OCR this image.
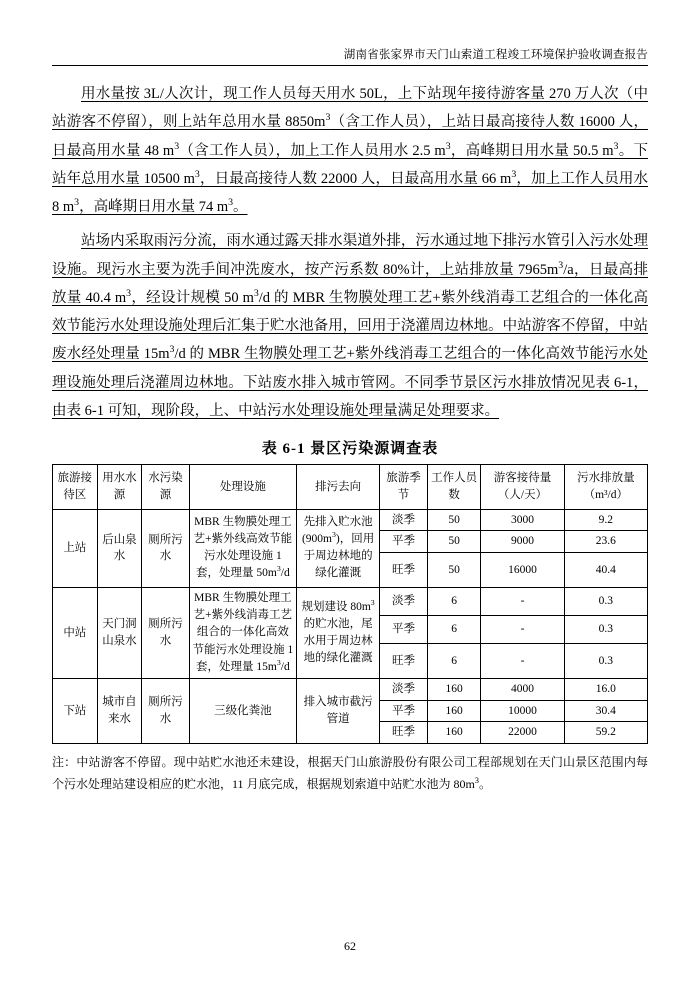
湖南省张家界市天门山索道工程竣工环境保护验收调查报告

用水量按 3L/人次计，现工作人员每天用水 50L，上下站现年接待游客量 270 万人次（中站游客不停留），则上站年总用水量 $8850m^3$（含工作人员），上站日最高接待人数 16000 人，日最高用水量 48 $m^3$（含工作人员），加上工作人员用水 2.5 $m^3$，高峰期日用水量 50.5 $m^3$。下站年总用水量 10500 $m^3$，日最高接待人数 22000 人，日最高用水量 66 $m^3$，加上工作人员用水 8 $m^3$，高峰期日用水量 74 $m^3$。

站场内采取雨污分流，雨水通过露天排水渠道外排，污水通过地下排污水管引入污水处理设施。现污水主要为洗手间冲洗废水，按产污系数 80%计，上站排放量 $7965m^3/a$，日最高排放量 40.4 $m^3$，经设计规模 50 $m^3/d$ 的 MBR 生物膜处理工艺+紫外线消毒工艺组合的一体化高效节能污水处理设施处理后汇集于贮水池备用，回用于浇灌周边林地。中站游客不停留，中站废水经处理量 $15m^3/d$ 的 MBR 生物膜处理工艺+紫外线消毒工艺组合的一体化高效节能污水处理设施处理后浇灌周边林地。下站废水排入城市管网。不同季节景区污水排放情况见表 6-1，由表 6-1 可知，现阶段，上、中站污水处理设施处理量满足处理要求。

表 6-1 景区污染源调查表
旅游接待区	用水水源	水污染源	处理设施	排污去向	旅游季节	工作人员数	游客接待量（人/天）	污水排放量（m³/d）
上站	后山泉水	厕所污水	MBR 生物膜处理工艺+紫外线高效节能污水处理设施 1 套，处理量 $50m^3/d$	先排入贮水池$(900m^3)$，回用于周边林地的绿化灌溉	淡季	50	3000	9.2
					平季	50	9000	23.6
					旺季	50	16000	40.4
中站	天门洞山泉水	厕所污水	MBR 生物膜处理工艺+紫外线消毒工艺组合的一体化高效节能污水处理设施 1 套，处理量 $15m^3/d$	规划建设 $80m^3$ 的贮水池，尾水用于周边林地的绿化灌溉	淡季	6	-	0.3
					平季	6	-	0.3
					旺季	6	-	0.3
下站	城市自来水	厕所污水	三级化粪池	排入城市截污管道	淡季	160	4000	16.0
					平季	160	10000	30.4
					旺季	160	22000	59.2
注：中站游客不停留。现中站贮水池还未建设，根据天门山旅游股份有限公司工程部规划在天门山景区范围内每个污水处理站建设相应的贮水池，11 月底完成，根据规划索道中站贮水池为 $80m^3$。
62
